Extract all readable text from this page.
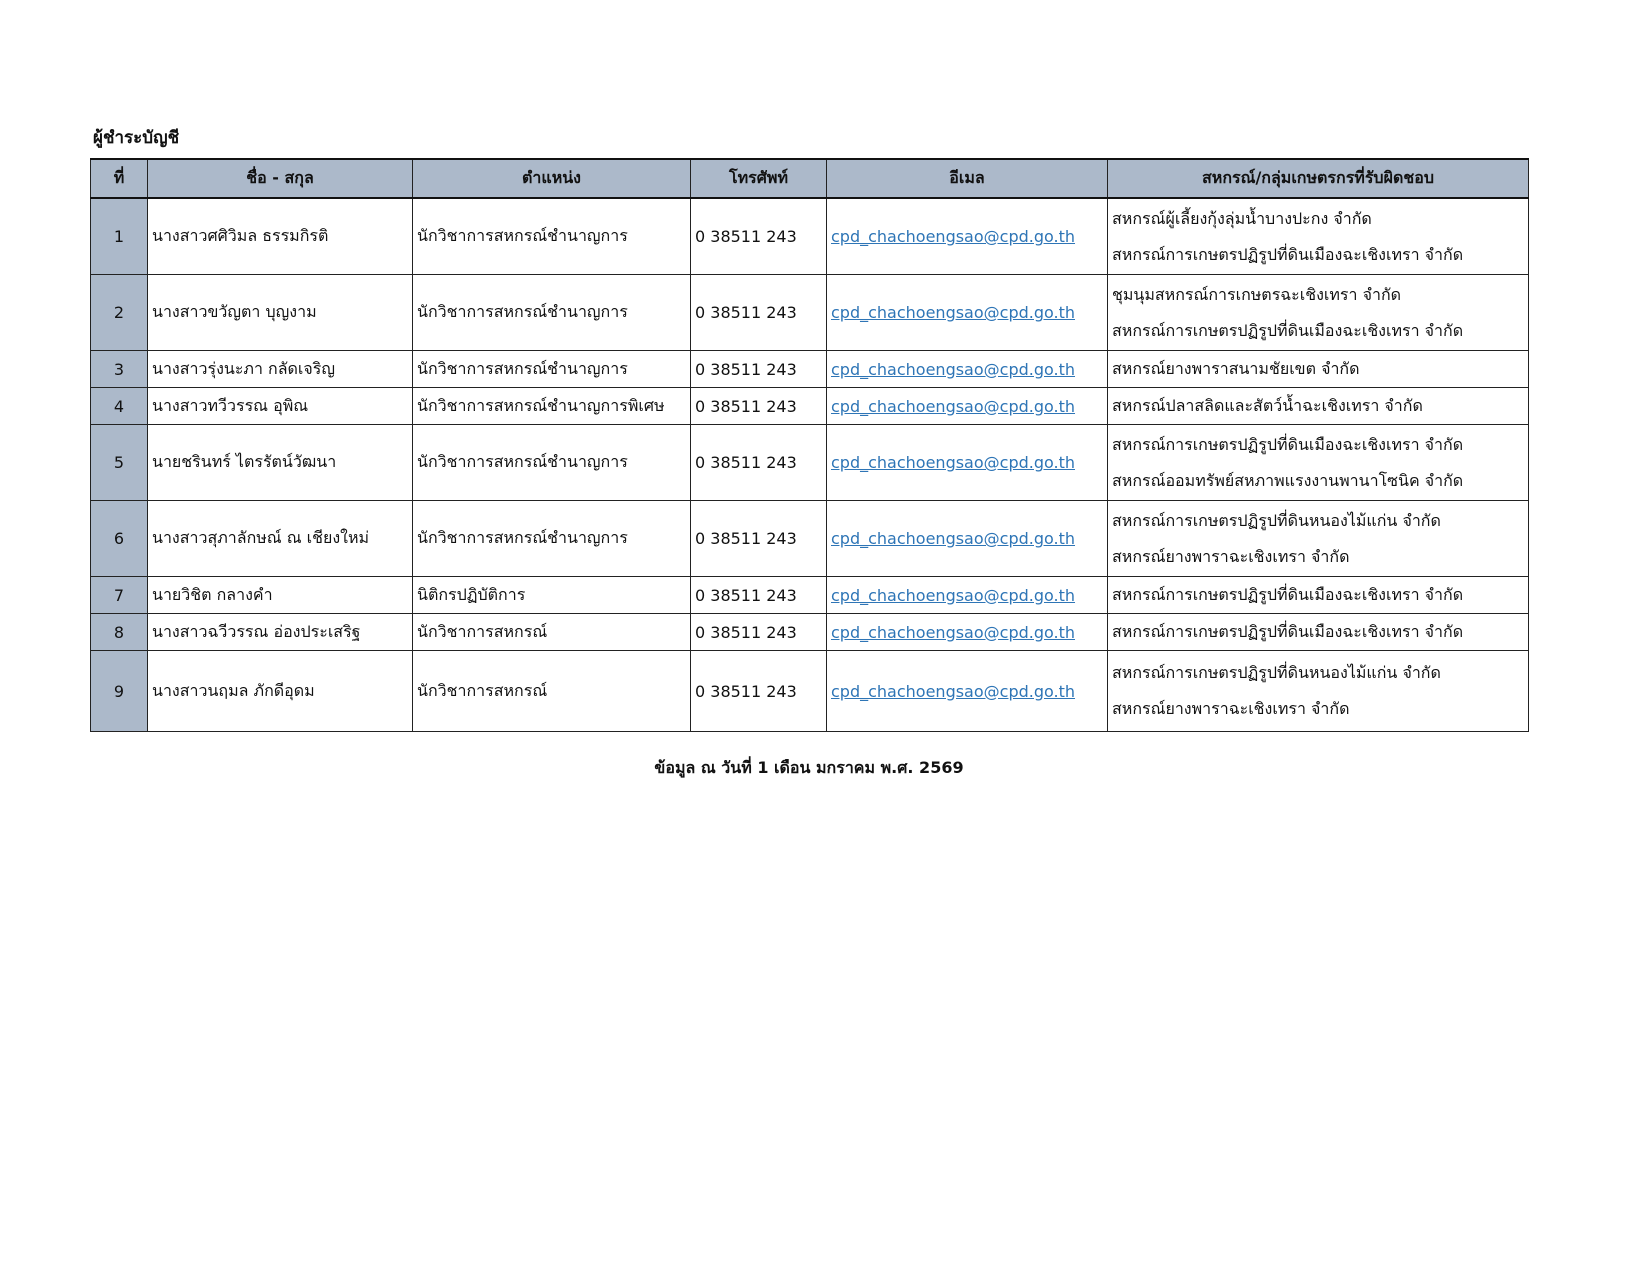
ผู้ชำระบัญชี
ที่	ชื่อ - สกุล	ตำแหน่ง	โทรศัพท์	อีเมล	สหกรณ์/กลุ่มเกษตรกรที่รับผิดชอบ
1	นางสาวศศิวิมล ธรรมกิรติ	นักวิชาการสหกรณ์ชำนาญการ	0 38511 243	cpd_chachoengsao@cpd.go.th	สหกรณ์ผู้เลี้ยงกุ้งลุ่มน้ำบางปะกง จำกัด
สหกรณ์การเกษตรปฏิรูปที่ดินเมืองฉะเชิงเทรา จำกัด

2	นางสาวขวัญตา บุญงาม	นักวิชาการสหกรณ์ชำนาญการ	0 38511 243	cpd_chachoengsao@cpd.go.th	ชุมนุมสหกรณ์การเกษตรฉะเชิงเทรา จำกัด
สหกรณ์การเกษตรปฏิรูปที่ดินเมืองฉะเชิงเทรา จำกัด

3	นางสาวรุ่งนะภา กลัดเจริญ	นักวิชาการสหกรณ์ชำนาญการ	0 38511 243	cpd_chachoengsao@cpd.go.th	สหกรณ์ยางพาราสนามชัยเขต จำกัด

4	นางสาวทวีวรรณ อุพิณ	นักวิชาการสหกรณ์ชำนาญการพิเศษ	0 38511 243	cpd_chachoengsao@cpd.go.th	สหกรณ์ปลาสลิดและสัตว์น้ำฉะเชิงเทรา จำกัด

5	นายชรินทร์ ไตรรัตน์วัฒนา	นักวิชาการสหกรณ์ชำนาญการ	0 38511 243	cpd_chachoengsao@cpd.go.th	สหกรณ์การเกษตรปฏิรูปที่ดินเมืองฉะเชิงเทรา จำกัด
สหกรณ์ออมทรัพย์สหภาพแรงงานพานาโซนิค จำกัด

6	นางสาวสุภาลักษณ์ ณ เชียงใหม่	นักวิชาการสหกรณ์ชำนาญการ	0 38511 243	cpd_chachoengsao@cpd.go.th	สหกรณ์การเกษตรปฏิรูปที่ดินหนองไม้แก่น จำกัด
สหกรณ์ยางพาราฉะเชิงเทรา จำกัด

7	นายวิชิต กลางคำ	นิติกรปฏิบัติการ	0 38511 243	cpd_chachoengsao@cpd.go.th	สหกรณ์การเกษตรปฏิรูปที่ดินเมืองฉะเชิงเทรา จำกัด

8	นางสาวฉวีวรรณ อ่องประเสริฐ	นักวิชาการสหกรณ์	0 38511 243	cpd_chachoengsao@cpd.go.th	สหกรณ์การเกษตรปฏิรูปที่ดินเมืองฉะเชิงเทรา จำกัด

9	นางสาวนฤมล ภักดีอุดม	นักวิชาการสหกรณ์	0 38511 243	cpd_chachoengsao@cpd.go.th	สหกรณ์การเกษตรปฏิรูปที่ดินหนองไม้แก่น จำกัด
สหกรณ์ยางพาราฉะเชิงเทรา จำกัด
ข้อมูล ณ วันที่ 1 เดือน มกราคม พ.ศ. 2569
